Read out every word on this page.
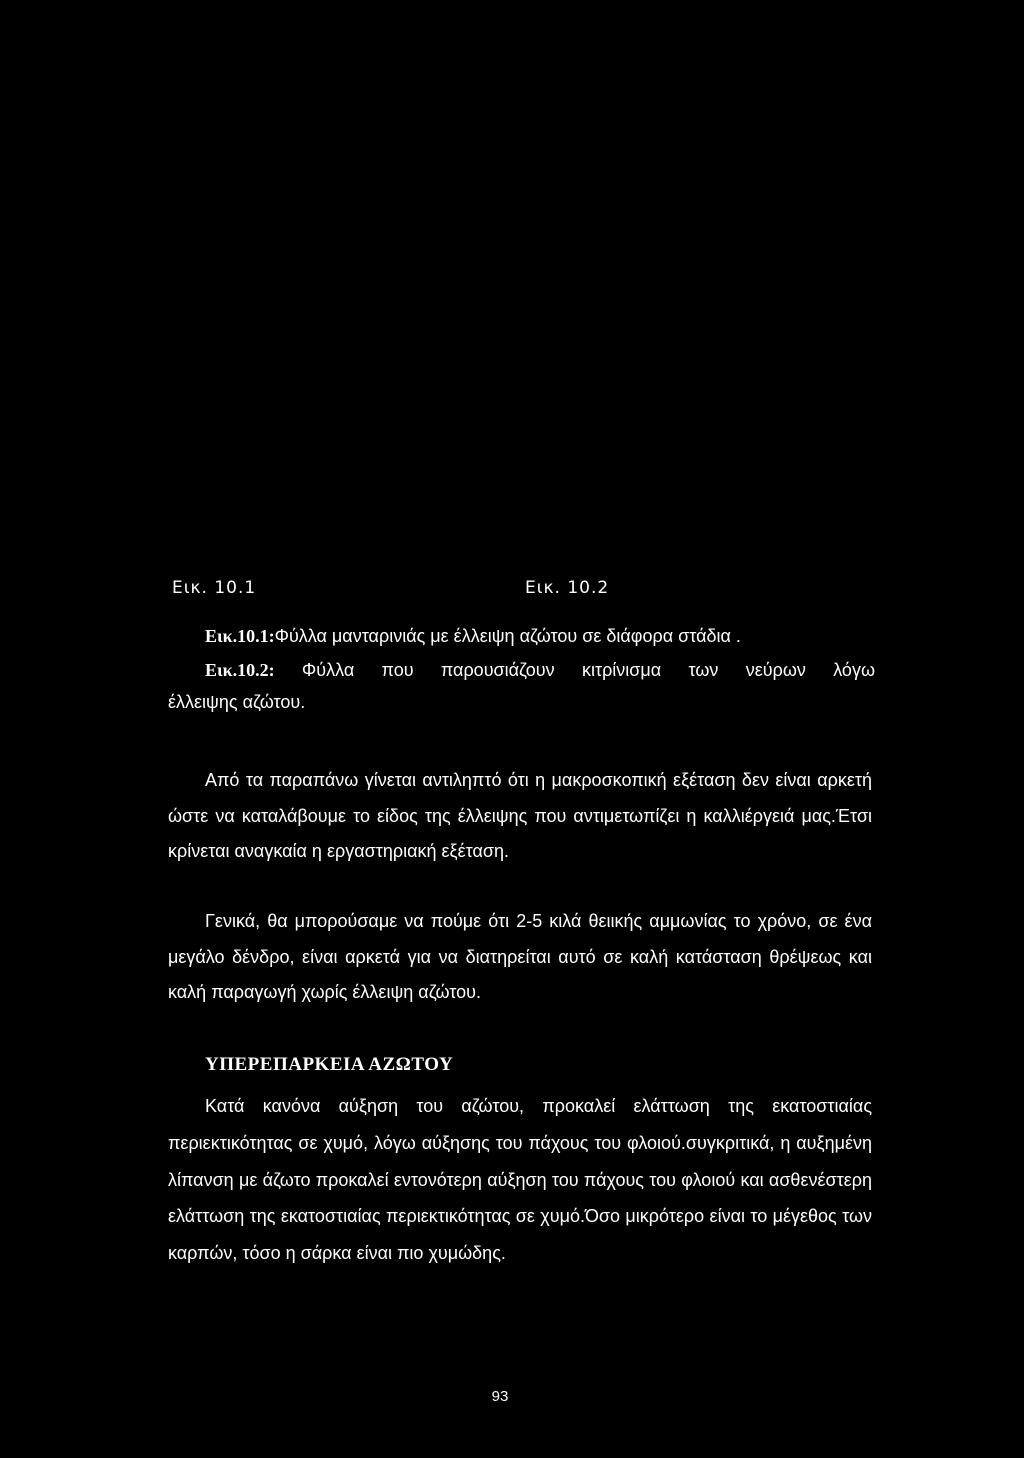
Εικ. 10.1	Εικ. 10.2
Εικ.10.1:Φύλλα μανταρινιάς με έλλειψη αζώτου σε διάφορα στάδια .
Εικ.10.2: Φύλλα που παρουσιάζουν κιτρίνισμα των νεύρων λόγω
έλλειψης αζώτου.
Από τα παραπάνω γίνεται αντιληπτό ότι η μακροσκοπική εξέταση δεν είναι αρκετή ώστε να καταλάβουμε το είδος της έλλειψης που αντιμετωπίζει η καλλιέργειά μας.Έτσι κρίνεται αναγκαία η εργαστηριακή εξέταση.
Γενικά, θα μπορούσαμε να πούμε ότι 2-5 κιλά θειικής αμμωνίας το χρόνο, σε ένα μεγάλο δένδρο, είναι αρκετά για να διατηρείται αυτό σε καλή κατάσταση θρέψεως και καλή παραγωγή χωρίς έλλειψη αζώτου.
ΥΠΕΡΕΠΑΡΚΕΙΑ ΑΖΩΤΟΥ
Κατά κανόνα αύξηση του αζώτου, προκαλεί ελάττωση της εκατοστιαίας περιεκτικότητας σε χυμό, λόγω αύξησης του πάχους του φλοιού.συγκριτικά, η αυξημένη λίπανση με άζωτο προκαλεί εντονότερη αύξηση του πάχους του φλοιού και ασθενέστερη ελάττωση της εκατοστιαίας περιεκτικότητας σε χυμό.Όσο μικρότερο είναι το μέγεθος των καρπών, τόσο η σάρκα είναι πιο χυμώδης.
93
